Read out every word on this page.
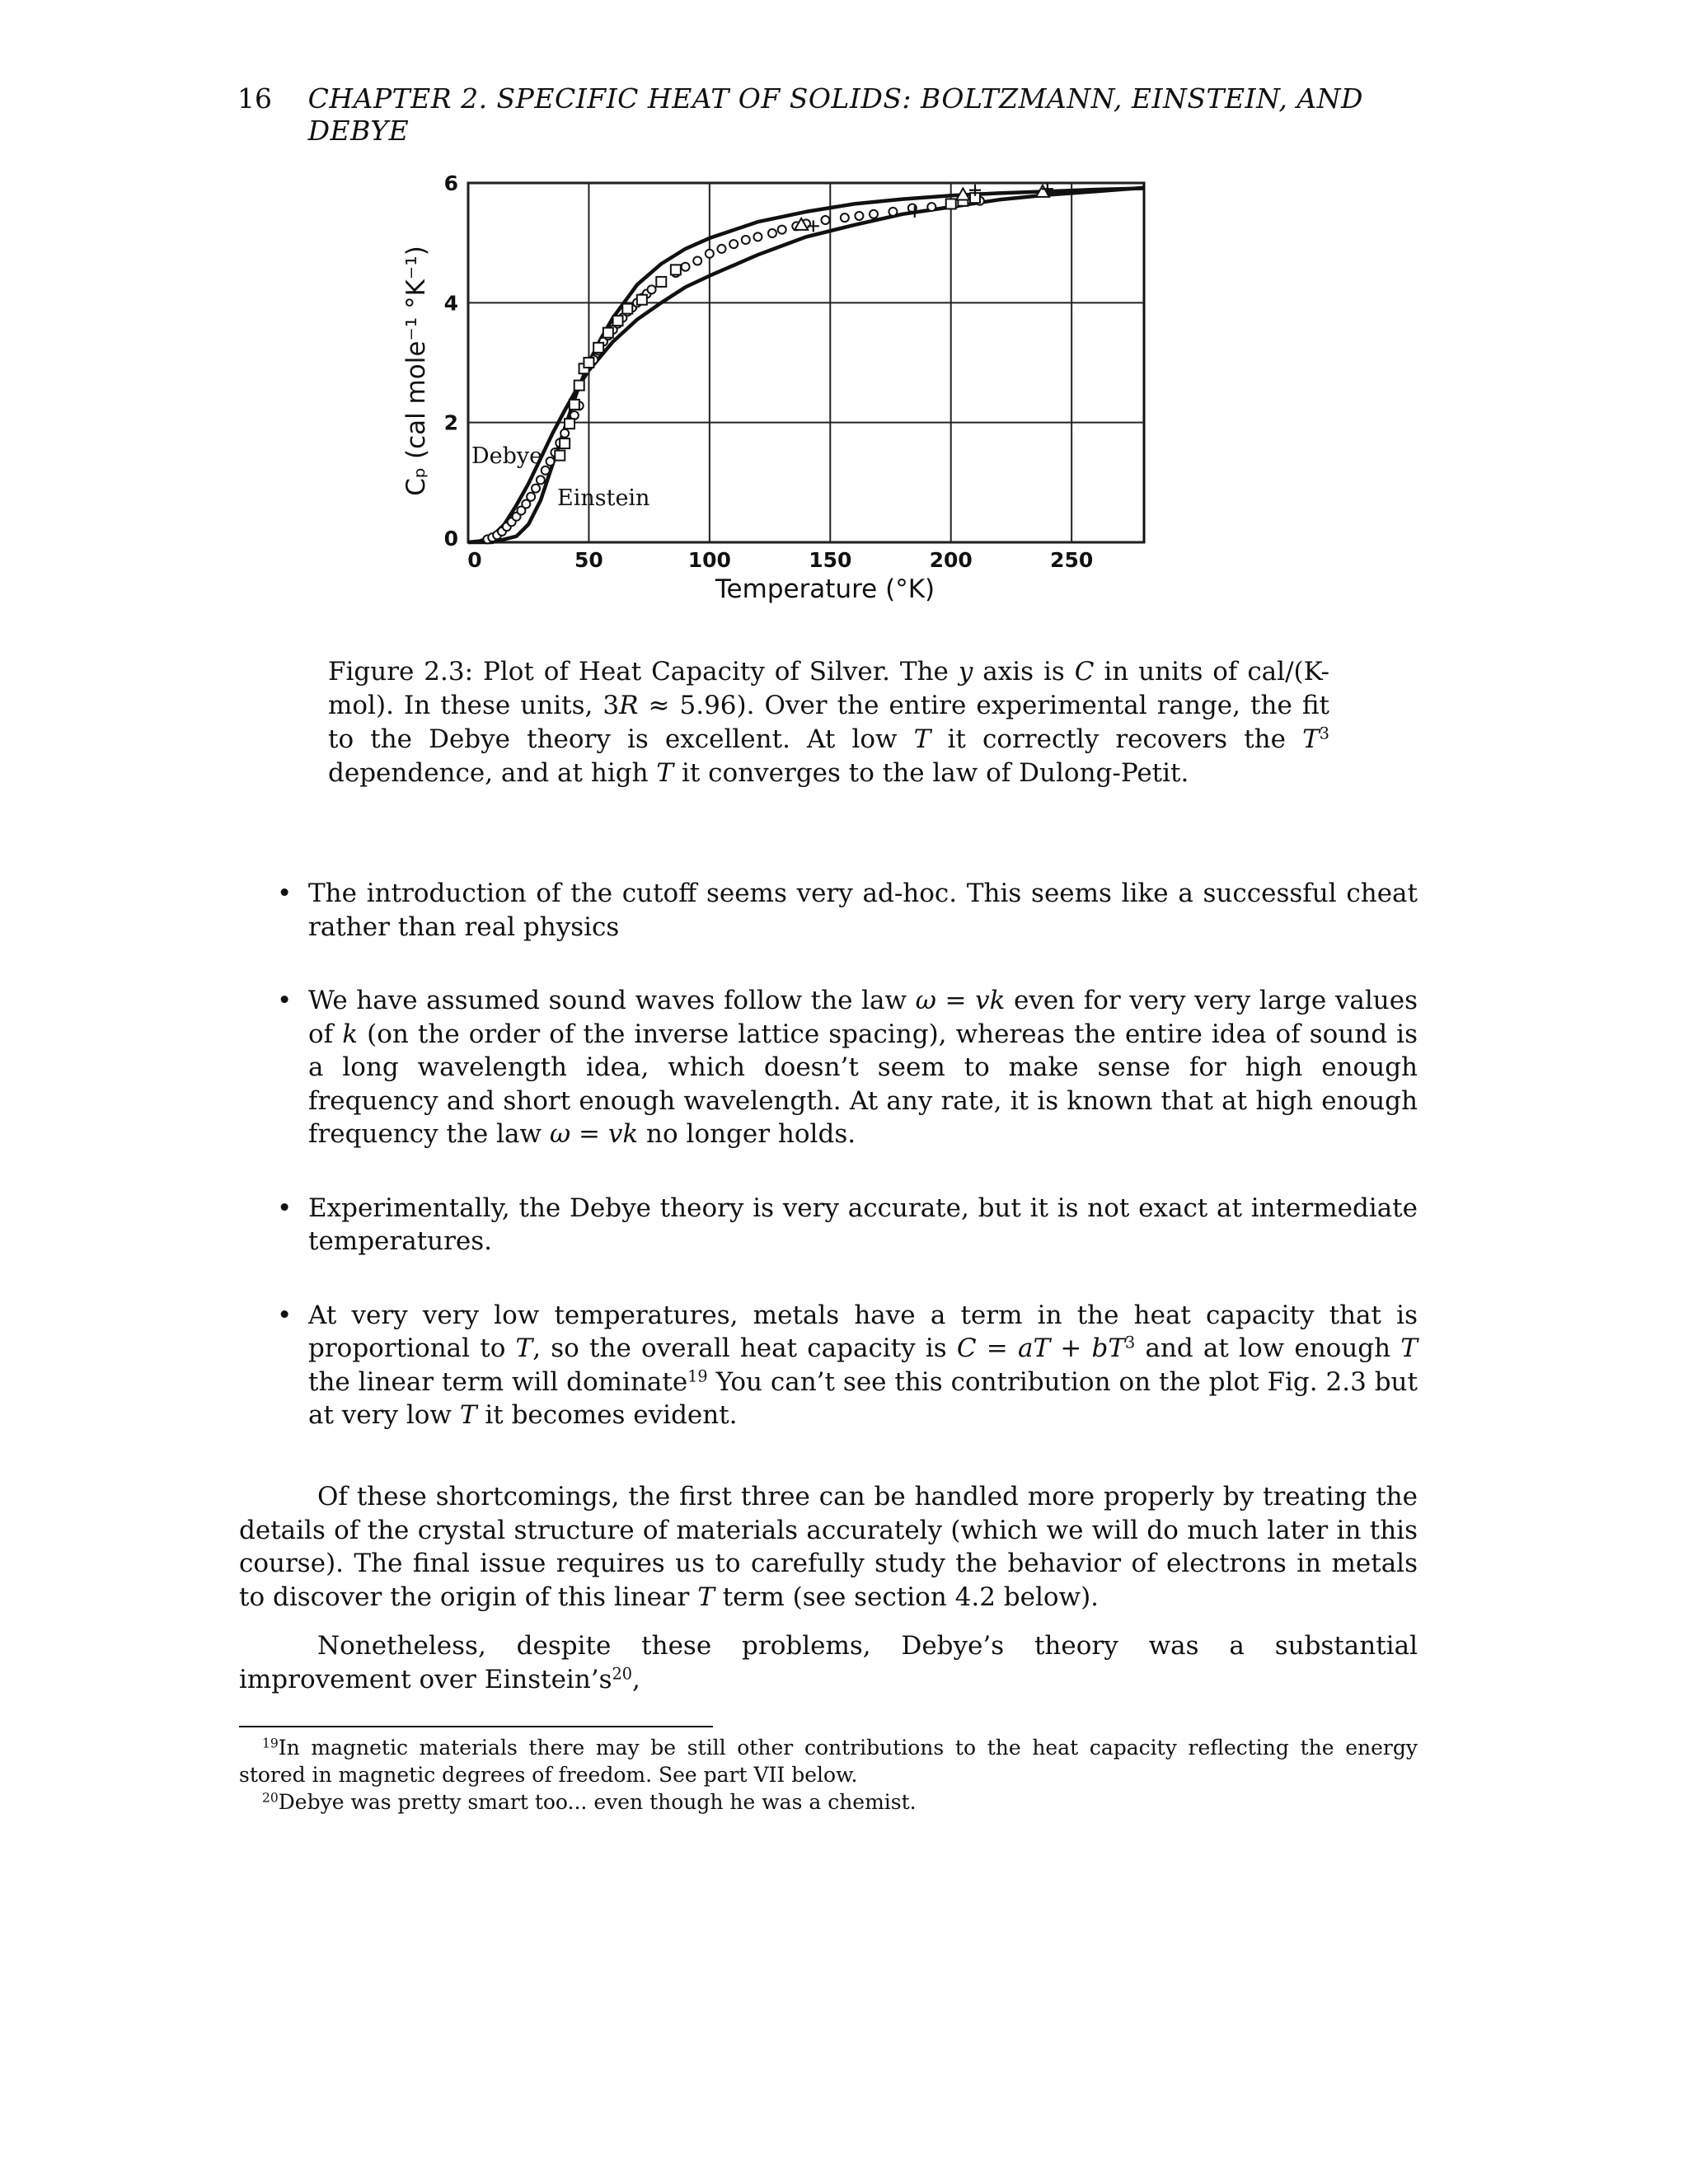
16	CHAPTER 2. SPECIFIC HEAT OF SOLIDS: BOLTZMANN, EINSTEIN, AND DEBYE
0	50	100	150	200	250
0
2
4
6
Temperature (°K)
Cₚ (cal mole⁻¹ °K⁻¹) Debye
Einstein
Figure 2.3: Plot of Heat Capacity of Silver. The y axis is C in units of cal/(K-mol). In these units, 3R ≈ 5.96). Over the entire experimental range, the fit to the Debye theory is excellent. At low T it correctly recovers the $T^3$ dependence, and at high T it converges to the law of Dulong-Petit.
• The introduction of the cutoff seems very ad-hoc. This seems like a successful cheat rather than real physics
• We have assumed sound waves follow the law ω = vk even for very very large values of k (on the order of the inverse lattice spacing), whereas the entire idea of sound is a long wavelength idea, which doesn’t seem to make sense for high enough frequency and short enough wavelength. At any rate, it is known that at high enough frequency the law ω = vk no longer holds.
• Experimentally, the Debye theory is very accurate, but it is not exact at intermediate temperatures.
• At very very low temperatures, metals have a term in the heat capacity that is proportional to T, so the overall heat capacity is C = aT + $bT^3$ and at low enough T the linear term will dominate$^{19}$ You can’t see this contribution on the plot Fig. 2.3 but at very low T it becomes evident.

Of these shortcomings, the first three can be handled more properly by treating the details of the crystal structure of materials accurately (which we will do much later in this course). The final issue requires us to carefully study the behavior of electrons in metals to discover the origin of this linear T term (see section 4.2 below).

Nonetheless, despite these problems, Debye’s theory was a substantial improvement over $Einstein’s^{20}$,

$^{19}$In magnetic materials there may be still other contributions to the heat capacity reflecting the energy stored in magnetic degrees of freedom. See part VII below.

$^{20}$Debye was pretty smart too... even though he was a chemist.
